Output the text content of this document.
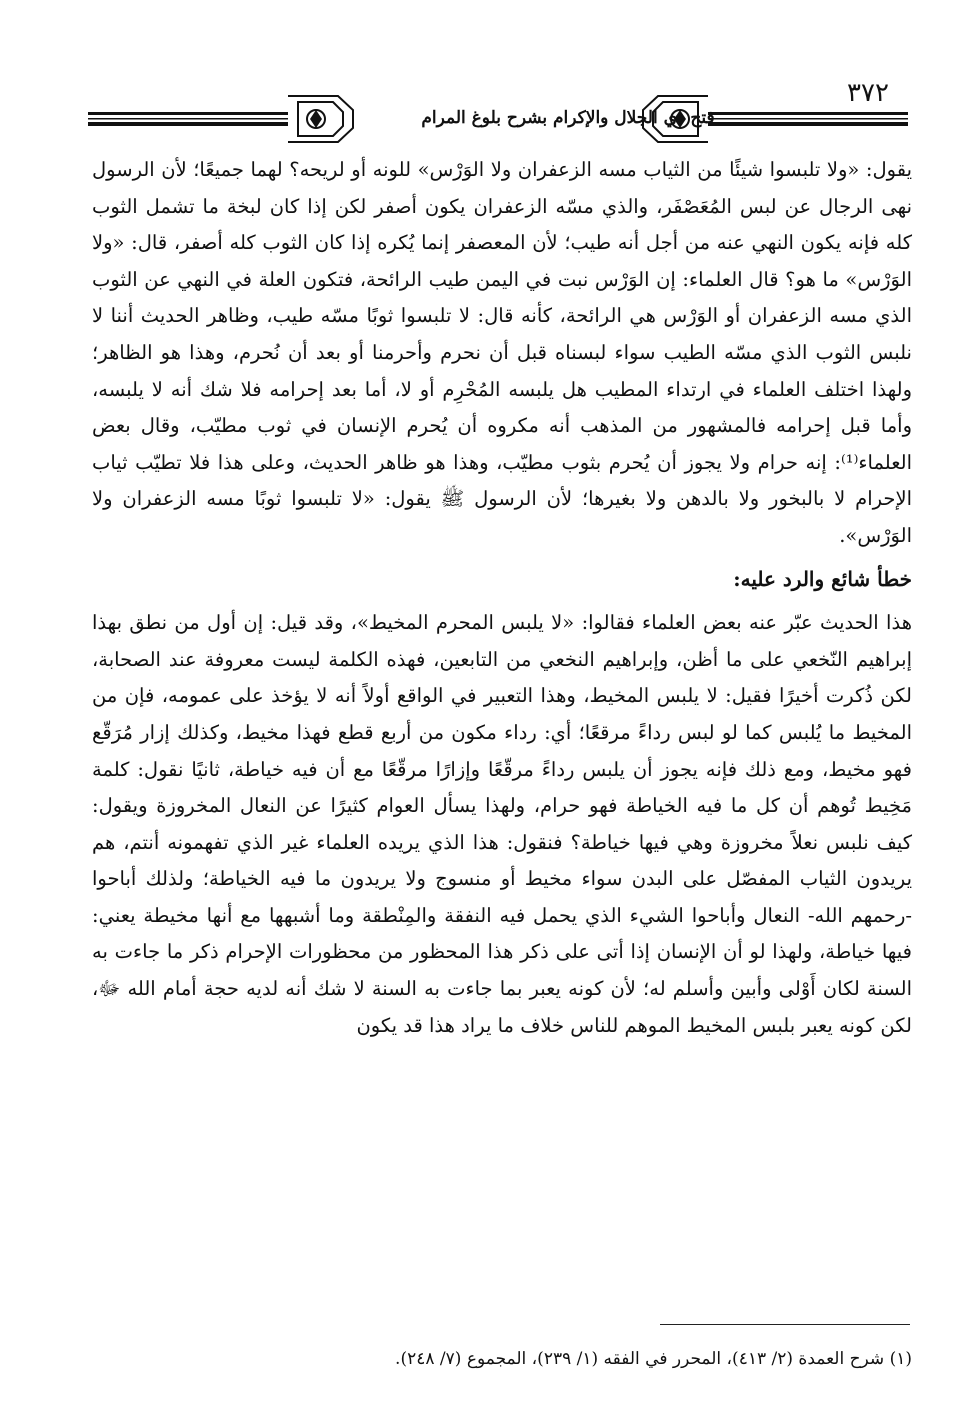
٣٧٢
فتح ذي الجلال والإكرام بشرح بلوغ المرام

يقول: «ولا تلبسوا شيئًا من الثياب مسه الزعفران ولا الوَرْس» للونه أو لريحه؟ لهما جميعًا؛ لأن الرسول نهى الرجال عن لبس المُعَصْفَر، والذي مسّه الزعفران يكون أصفر لكن إذا كان لبخة ما تشمل الثوب كله فإنه يكون النهي عنه من أجل أنه طيب؛ لأن المعصفر إنما يُكره إذا كان الثوب كله أصفر، قال: «ولا الوَرْس» ما هو؟ قال العلماء: إن الوَرْس نبت في اليمن طيب الرائحة، فتكون العلة في النهي عن الثوب الذي مسه الزعفران أو الوَرْس هي الرائحة، كأنه قال: لا تلبسوا ثوبًا مسّه طيب، وظاهر الحديث أننا لا نلبس الثوب الذي مسّه الطيب سواء لبسناه قبل أن نحرم وأحرمنا أو بعد أن نُحرم، وهذا هو الظاهر؛ ولهذا اختلف العلماء في ارتداء المطيب هل يلبسه المُحْرِم أو لا، أما بعد إحرامه فلا شك أنه لا يلبسه، وأما قبل إحرامه فالمشهور من المذهب أنه مكروه أن يُحرم الإنسان في ثوب مطيّب، وقال بعض العلماء⁽¹⁾: إنه حرام ولا يجوز أن يُحرم بثوب مطيّب، وهذا هو ظاهر الحديث، وعلى هذا فلا تطيّب ثياب الإحرام لا بالبخور ولا بالدهن ولا بغيرها؛ لأن الرسول ﷺ يقول: «لا تلبسوا ثوبًا مسه الزعفران ولا الوَرْس».

خطأ شائع والرد عليه:

هذا الحديث عبّر عنه بعض العلماء فقالوا: «لا يلبس المحرم المخيط»، وقد قيل: إن أول من نطق بهذا إبراهيم النّخعي على ما أظن، وإبراهيم النخعي من التابعين، فهذه الكلمة ليست معروفة عند الصحابة، لكن ذُكرت أخيرًا فقيل: لا يلبس المخيط، وهذا التعبير في الواقع أولاً أنه لا يؤخذ على عمومه، فإن من المخيط ما يُلبس كما لو لبس رداءً مرقعًا؛ أي: رداء مكون من أربع قطع فهذا مخيط، وكذلك إزار مُرَقّع فهو مخيط، ومع ذلك فإنه يجوز أن يلبس رداءً مرقّعًا وإزارًا مرقّعًا مع أن فيه خياطة، ثانيًا نقول: كلمة مَخِيط تُوهم أن كل ما فيه الخياطة فهو حرام، ولهذا يسأل العوام كثيرًا عن النعال المخروزة ويقول: كيف نلبس نعلاً مخروزة وهي فيها خياطة؟ فنقول: هذا الذي يريده العلماء غير الذي تفهمونه أنتم، هم يريدون الثياب المفصّل على البدن سواء مخيط أو منسوج ولا يريدون ما فيه الخياطة؛ ولذلك أباحوا -رحمهم الله- النعال وأباحوا الشيء الذي يحمل فيه النفقة والمِنْطقة وما أشبهها مع أنها مخيطة يعني: فيها خياطة، ولهذا لو أن الإنسان إذا أتى على ذكر هذا المحظور من محظورات الإحرام ذكر ما جاءت به السنة لكان أَوْلى وأبين وأسلم له؛ لأن كونه يعبر بما جاءت به السنة لا شك أنه لديه حجة أمام الله ﷻ، لكن كونه يعبر بلبس المخيط الموهم للناس خلاف ما يراد هذا قد يكون

(١) شرح العمدة (٢/ ٤١٣)، المحرر في الفقه (١/ ٢٣٩)، المجموع (٧/ ٢٤٨).
